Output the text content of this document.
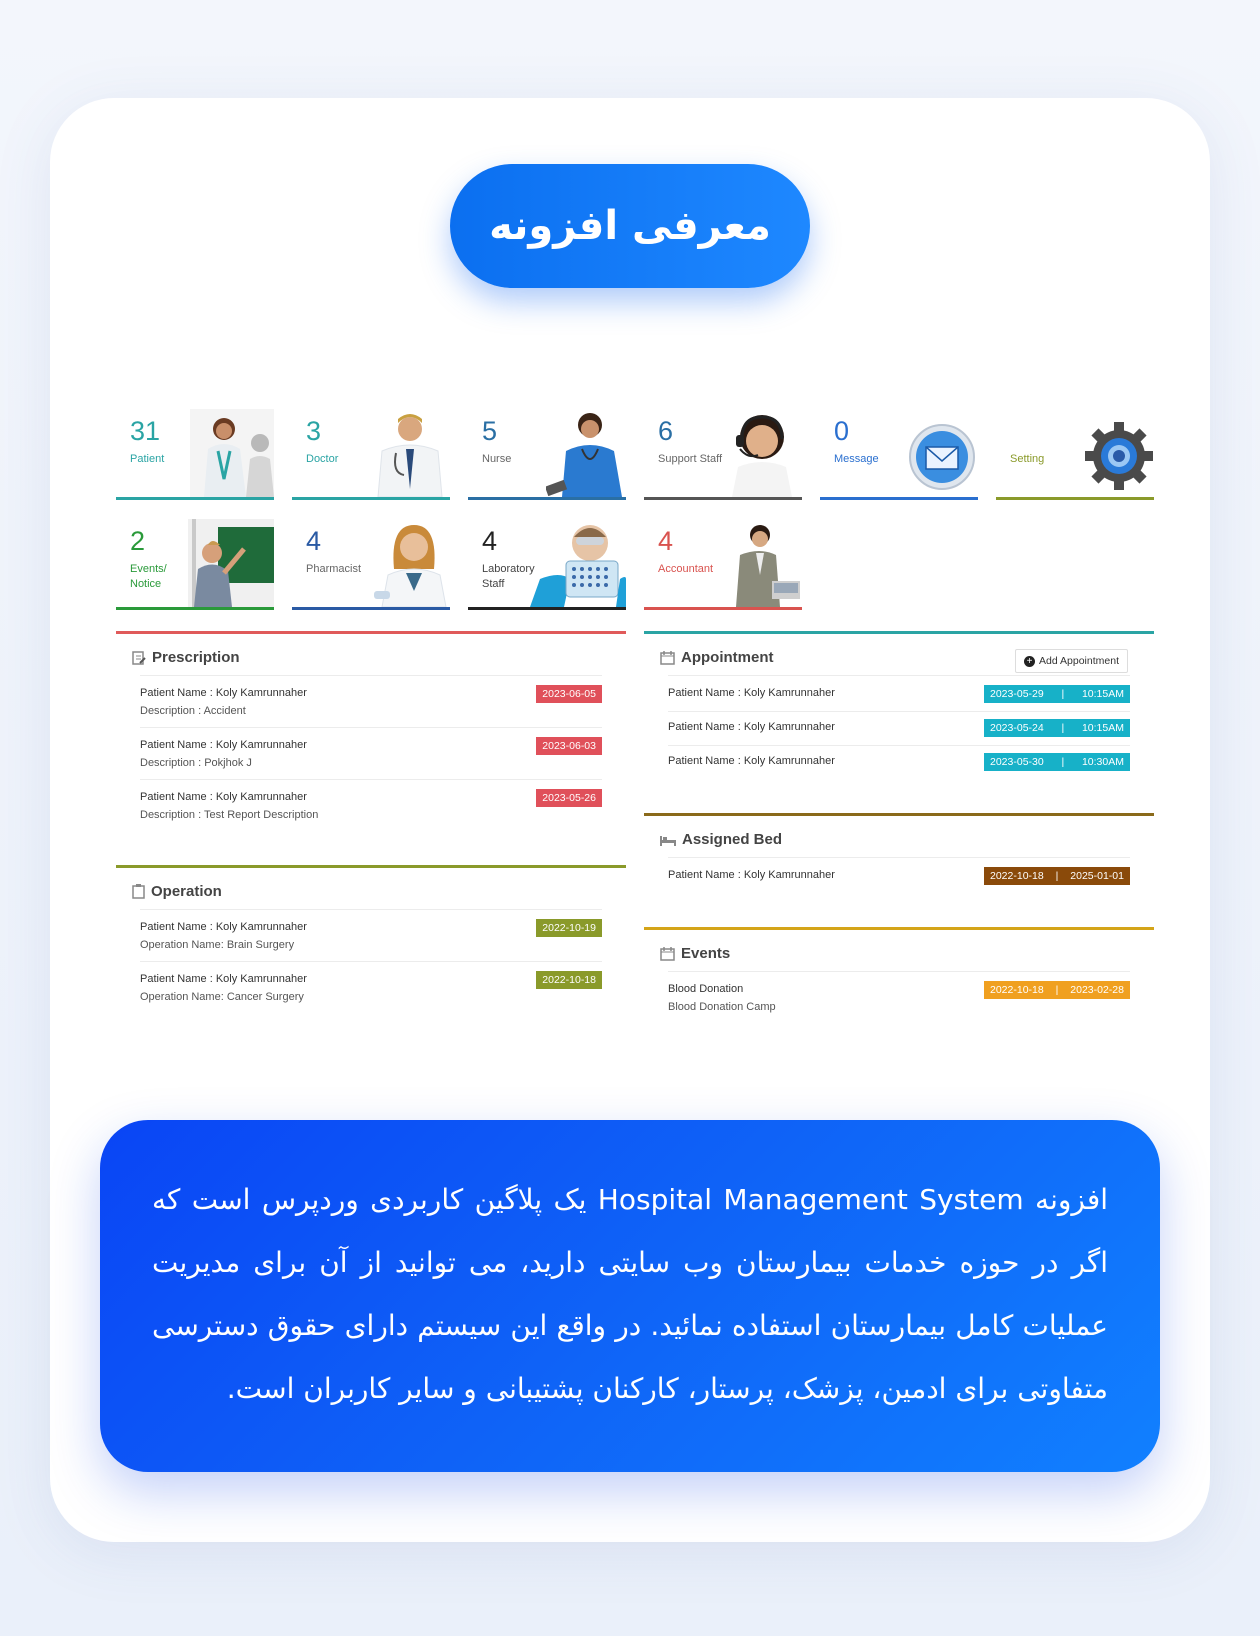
معرفی افزونه
31
Patient
3
Doctor
5
Nurse
6
Support Staff
0
Message	Setting
2
Events/ Notice
4
Pharmacist
4
Laboratory Staff
4
Accountant
Prescription
Patient Name : Koly Kamrunnaher
Description : Accident
2023-06-05
Patient Name : Koly Kamrunnaher
Description : Pokjhok J
2023-06-03
Patient Name : Koly Kamrunnaher
Description : Test Report Description
2023-05-26
Appointment	+ Add Appointment
Patient Name : Koly Kamrunnaher	2023-05-29 | 10:15AM
Patient Name : Koly Kamrunnaher	2023-05-24 | 10:15AM
Patient Name : Koly Kamrunnaher	2023-05-30 | 10:30AM
Assigned Bed
Patient Name : Koly Kamrunnaher	2022-10-18 | 2025-01-01
Operation
Patient Name : Koly Kamrunnaher
Operation Name: Brain Surgery
2022-10-19
Patient Name : Koly Kamrunnaher
Operation Name: Cancer Surgery
2022-10-18
Events
Blood Donation
Blood Donation Camp
2022-10-18 | 2023-02-28
افزونه Hospital Management System یک پلاگین کاربردی وردپرس است که اگر در حوزه خدمات بیمارستان وب سایتی دارید، می توانید از آن برای مدیریت عملیات کامل بیمارستان استفاده نمائید. در واقع این سیستم دارای حقوق دسترسی متفاوتی برای ادمین، پزشک، پرستار، کارکنان پشتیبانی و سایر کاربران است.
